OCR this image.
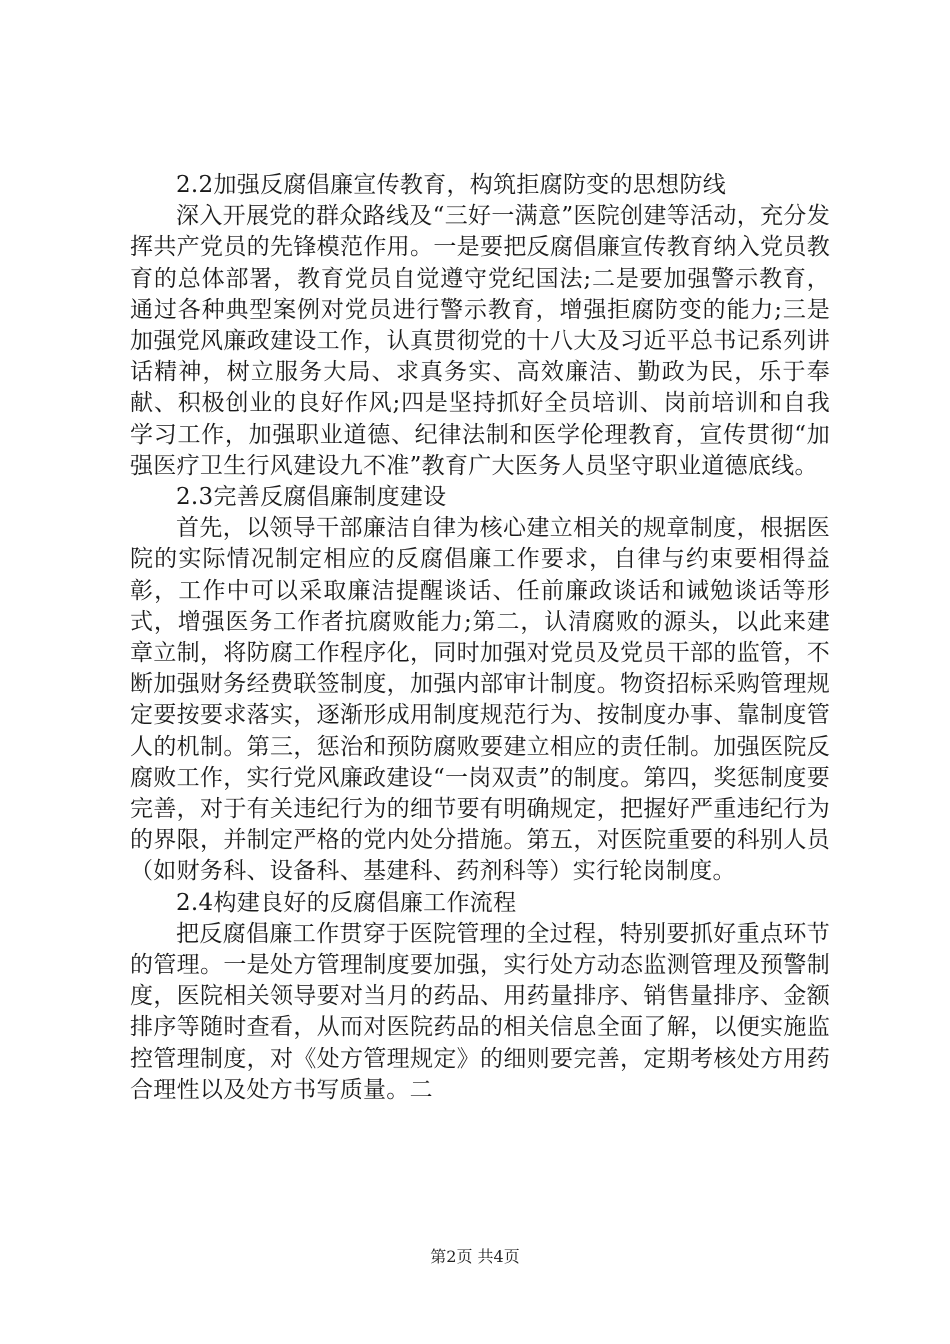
2.2加强反腐倡廉宣传教育，构筑拒腐防变的思想防线

深入开展党的群众路线及“三好一满意”医院创建等活动，充分发挥共产党员的先锋模范作用。一是要把反腐倡廉宣传教育纳入党员教育的总体部署，教育党员自觉遵守党纪国法;二是要加强警示教育，通过各种典型案例对党员进行警示教育，增强拒腐防变的能力;三是加强党风廉政建设工作，认真贯彻党的十八大及习近平总书记系列讲话精神，树立服务大局、求真务实、高效廉洁、勤政为民，乐于奉献、积极创业的良好作风;四是坚持抓好全员培训、岗前培训和自我学习工作，加强职业道德、纪律法制和医学伦理教育，宣传贯彻“加强医疗卫生行风建设九不准”教育广大医务人员坚守职业道德底线。

2.3完善反腐倡廉制度建设

首先，以领导干部廉洁自律为核心建立相关的规章制度，根据医院的实际情况制定相应的反腐倡廉工作要求，自律与约束要相得益彰，工作中可以采取廉洁提醒谈话、任前廉政谈话和诫勉谈话等形式，增强医务工作者抗腐败能力;第二，认清腐败的源头，以此来建章立制，将防腐工作程序化，同时加强对党员及党员干部的监管，不断加强财务经费联签制度，加强内部审计制度。物资招标采购管理规定要按要求落实，逐渐形成用制度规范行为、按制度办事、靠制度管人的机制。第三，惩治和预防腐败要建立相应的责任制。加强医院反腐败工作，实行党风廉政建设“一岗双责”的制度。第四，奖惩制度要完善，对于有关违纪行为的细节要有明确规定，把握好严重违纪行为的界限，并制定严格的党内处分措施。第五，对医院重要的科别人员（如财务科、设备科、基建科、药剂科等）实行轮岗制度。

2.4构建良好的反腐倡廉工作流程

把反腐倡廉工作贯穿于医院管理的全过程，特别要抓好重点环节的管理。一是处方管理制度要加强，实行处方动态监测管理及预警制度，医院相关领导要对当月的药品、用药量排序、销售量排序、金额排序等随时查看，从而对医院药品的相关信息全面了解，以便实施监控管理制度，对《处方管理规定》的细则要完善，定期考核处方用药合理性以及处方书写质量。二

第2页 共4页
